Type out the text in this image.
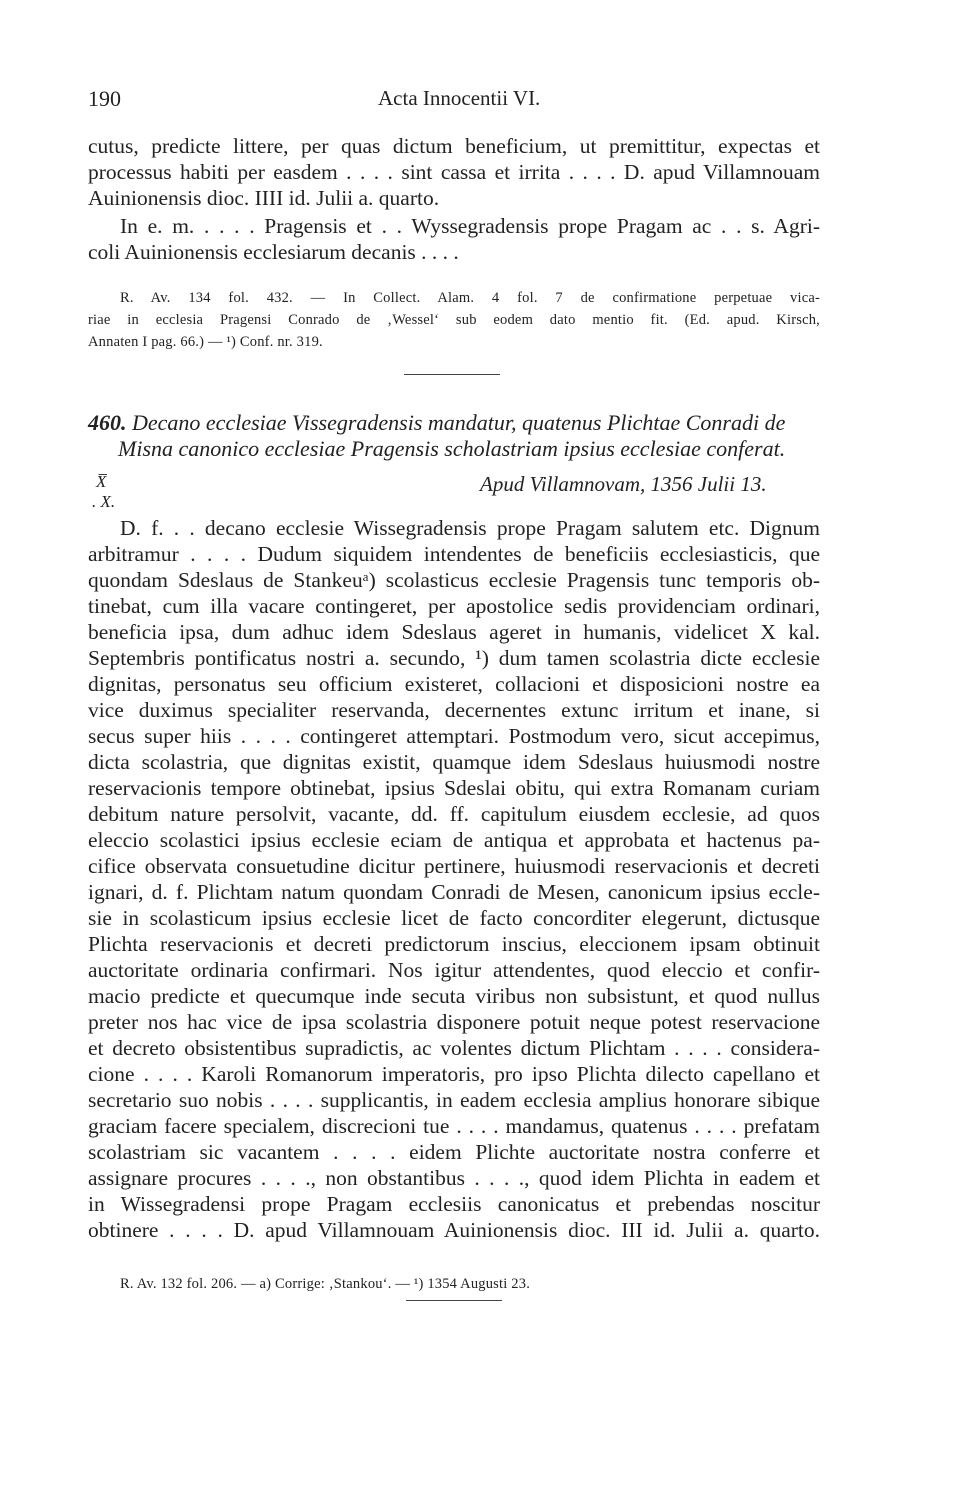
190	Acta Innocentii VI.
cutus, predicte littere, per quas dictum beneficium, ut premittitur, expectas et
processus habiti per easdem . . . . sint cassa et irrita . . . . D. apud Villamnouam
Auinionensis dioc. IIII id. Julii a. quarto.
In e. m. . . . . Pragensis et . . Wyssegradensis prope Pragam ac . . s. Agri-
coli Auinionensis ecclesiarum decanis . . . .
R. Av. 134 fol. 432. — In Collect. Alam. 4 fol. 7 de confirmatione perpetuae vica-
riae in ecclesia Pragensi Conrado de ‚Wessel‘ sub eodem dato mentio fit. (Ed. apud. Kirsch,
Annaten I pag. 66.) — ¹) Conf. nr. 319.
460. Decano ecclesiae Vissegradensis mandatur, quatenus Plichtae Conradi de
Misna canonico ecclesiae Pragensis scholastriam ipsius ecclesiae conferat.
X̅
. X.
Apud Villamnovam, 1356 Julii 13.
D. f. . . decano ecclesie Wissegradensis prope Pragam salutem etc. Dignum
arbitramur . . . . Dudum siquidem intendentes de beneficiis ecclesiasticis, que
quondam Sdeslaus de Stankeuᵃ) scolasticus ecclesie Pragensis tunc temporis ob-
tinebat, cum illa vacare contingeret, per apostolice sedis providenciam ordinari,
beneficia ipsa, dum adhuc idem Sdeslaus ageret in humanis, videlicet X kal.
Septembris pontificatus nostri a. secundo, ¹) dum tamen scolastria dicte ecclesie
dignitas, personatus seu officium existeret, collacioni et disposicioni nostre ea
vice duximus specialiter reservanda, decernentes extunc irritum et inane, si
secus super hiis . . . . contingeret attemptari. Postmodum vero, sicut accepimus,
dicta scolastria, que dignitas existit, quamque idem Sdeslaus huiusmodi nostre
reservacionis tempore obtinebat, ipsius Sdeslai obitu, qui extra Romanam curiam
debitum nature persolvit, vacante, dd. ff. capitulum eiusdem ecclesie, ad quos
eleccio scolastici ipsius ecclesie eciam de antiqua et approbata et hactenus pa-
cifice observata consuetudine dicitur pertinere, huiusmodi reservacionis et decreti
ignari, d. f. Plichtam natum quondam Conradi de Mesen, canonicum ipsius eccle-
sie in scolasticum ipsius ecclesie licet de facto concorditer elegerunt, dictusque
Plichta reservacionis et decreti predictorum inscius, eleccionem ipsam obtinuit
auctoritate ordinaria confirmari. Nos igitur attendentes, quod eleccio et confir-
macio predicte et quecumque inde secuta viribus non subsistunt, et quod nullus
preter nos hac vice de ipsa scolastria disponere potuit neque potest reservacione
et decreto obsistentibus supradictis, ac volentes dictum Plichtam . . . . considera-
cione . . . . Karoli Romanorum imperatoris, pro ipso Plichta dilecto capellano et
secretario suo nobis . . . . supplicantis, in eadem ecclesia amplius honorare sibique
graciam facere specialem, discrecioni tue . . . . mandamus, quatenus . . . . prefatam
scolastriam sic vacantem . . . . eidem Plichte auctoritate nostra conferre et
assignare procures . . . ., non obstantibus . . . ., quod idem Plichta in eadem et
in Wissegradensi prope Pragam ecclesiis canonicatus et prebendas noscitur
obtinere . . . . D. apud Villamnouam Auinionensis dioc. III id. Julii a. quarto.
R. Av. 132 fol. 206. — a) Corrige: ‚Stankou‘. — ¹) 1354 Augusti 23.
